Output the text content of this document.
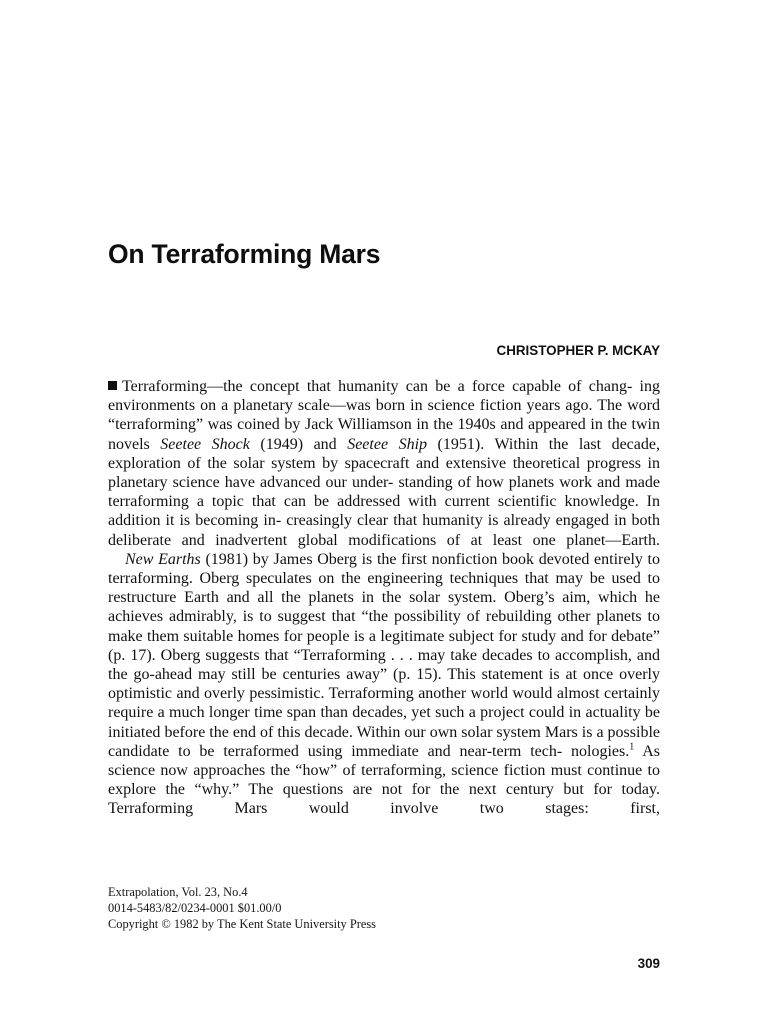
On Terraforming Mars

CHRISTOPHER P. MCKAY

Terraforming—the concept that humanity can be a force capable of chang- ing environments on a planetary scale—was born in science fiction years ago. The word “terraforming” was coined by Jack Williamson in the 1940s and appeared in the twin novels Seetee Shock (1949) and Seetee Ship (1951). Within the last decade, exploration of the solar system by spacecraft and extensive theoretical progress in planetary science have advanced our under- standing of how planets work and made terraforming a topic that can be addressed with current scientific knowledge. In addition it is becoming in- creasingly clear that humanity is already engaged in both deliberate and inadvertent global modifications of at least one planet—Earth.

New Earths (1981) by James Oberg is the first nonfiction book devoted entirely to terraforming. Oberg speculates on the engineering techniques that may be used to restructure Earth and all the planets in the solar system. Oberg’s aim, which he achieves admirably, is to suggest that “the possibility of rebuilding other planets to make them suitable homes for people is a legitimate subject for study and for debate” (p. 17). Oberg suggests that “Terraforming . . . may take decades to accomplish, and the go-ahead may still be centuries away” (p. 15). This statement is at once overly optimistic and overly pessimistic. Terraforming another world would almost certainly require a much longer time span than decades, yet such a project could in actuality be initiated before the end of this decade. Within our own solar system Mars is a possible candidate to be terraformed using immediate and near-term tech- nologies.$^1$ As science now approaches the “how” of terraforming, science fiction must continue to explore the “why.” The questions are not for the next century but for today. Terraforming Mars would involve two stages: first,

Extrapolation, Vol. 23, No.4
0014-5483/82/0234-0001 $01.00/0
Copyright © 1982 by The Kent State University Press

309
